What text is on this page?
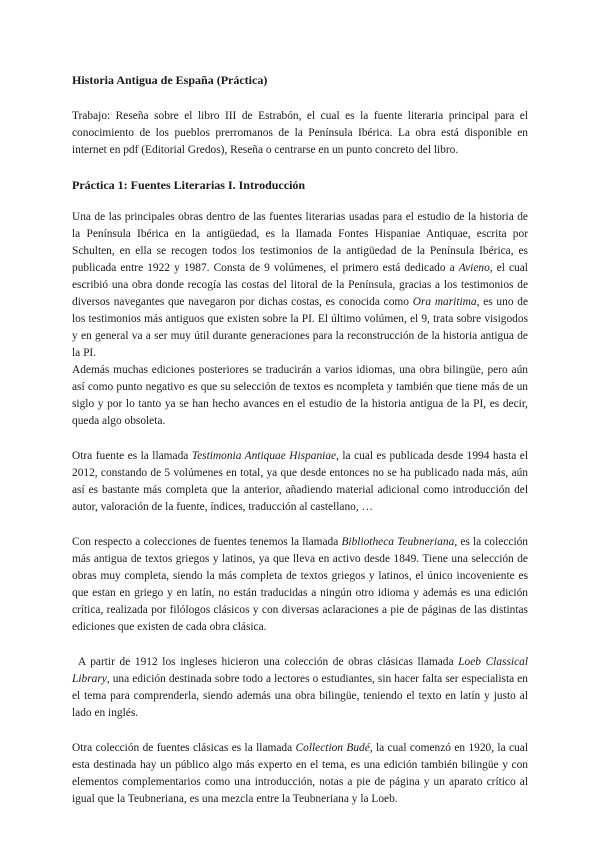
Historia Antigua de España (Práctica)

Trabajo: Reseña sobre el libro III de Estrabón, el cual es la fuente literaria principal para el conocimiento de los pueblos prerromanos de la Península Ibérica. La obra está disponible en internet en pdf (Editorial Gredos), Reseña o centrarse en un punto concreto del libro.

Práctica 1: Fuentes Literarias I. Introducción

Una de las principales obras dentro de las fuentes literarias usadas para el estudio de la historia de la Península Ibérica en la antigüedad, es la llamada Fontes Hispaniae Antiquae, escrita por Schulten, en ella se recogen todos los testimonios de la antigüedad de la Península Ibérica, es publicada entre 1922 y 1987. Consta de 9 volúmenes, el primero está dedicado a Avieno, el cual escribió una obra donde recogía las costas del litoral de la Península, gracias a los testimonios de diversos navegantes que navegaron por dichas costas, es conocida como Ora maritima, es uno de los testimonios más antiguos que existen sobre la PI. El último volúmen, el 9, trata sobre visigodos y en general va a ser muy útil durante generaciones para la reconstrucción de la historia antigua de la PI.

Además muchas ediciones posteriores se traducirán a varios idiomas, una obra bilingüe, pero aún así como punto negativo es que su selección de textos es ncompleta y también que tiene más de un siglo y por lo tanto ya se han hecho avances en el estudio de la historia antigua de la PI, es decir, queda algo obsoleta.

Otra fuente es la llamada Testimonia Antiquae Hispaniae, la cual es publicada desde 1994 hasta el 2012, constando de 5 volúmenes en total, ya que desde entonces no se ha publicado nada más, aún así es bastante más completa que la anterior, añadiendo material adicional como introducción del autor, valoración de la fuente, índices, traducción al castellano, …

Con respecto a colecciones de fuentes tenemos la llamada Bibliotheca Teubneriana, es la colección más antigua de textos griegos y latinos, ya que lleva en activo desde 1849. Tiene una selección de obras muy completa, siendo la más completa de textos griegos y latinos, el único incoveniente es que estan en griego y en latín, no están traducidas a ningún otro idioma y además es una edición crítica, realizada por filólogos clásicos y con diversas aclaraciones a pie de páginas de las distintas ediciones que existen de cada obra clásica.

A partir de 1912 los ingleses hicieron una colección de obras clásicas llamada Loeb Classical Library, una edición destinada sobre todo a lectores o estudiantes, sin hacer falta ser especialista en el tema para comprenderla, siendo además una obra bilingüe, teniendo el texto en latín y justo al lado en inglés.

Otra colección de fuentes clásicas es la llamada Collection Budé, la cual comenzó en 1920, la cual esta destinada hay un público algo más experto en el tema, es una edición también bilingüe y con elementos complementarios como una introducción, notas a pie de página y un aparato crítico al igual que la Teubneriana, es una mezcla entre la Teubneriana y la Loeb.
